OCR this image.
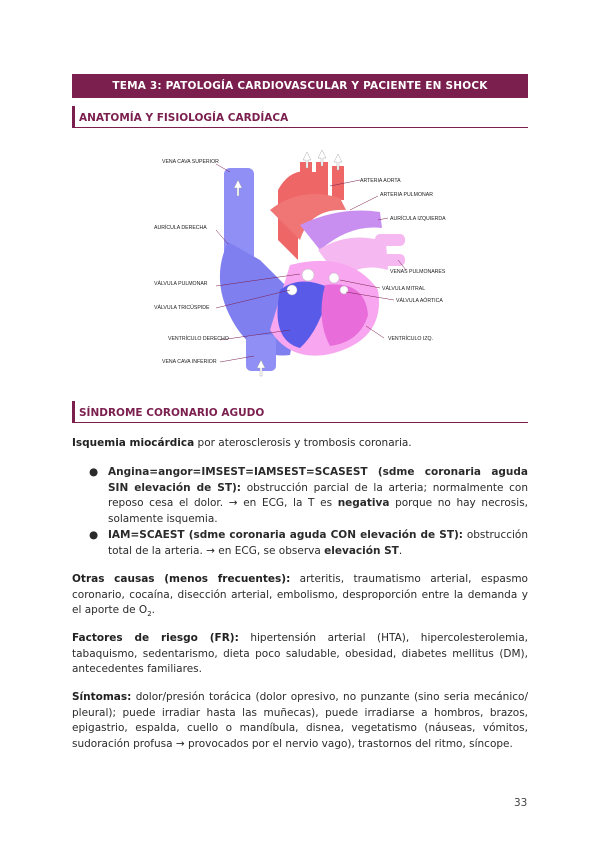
TEMA 3: PATOLOGÍA CARDIOVASCULAR Y PACIENTE EN SHOCK
ANATOMÍA Y FISIOLOGÍA CARDÍACA
VENA CAVA SUPERIOR
AURÍCULA DERECHA
VÁLVULA PULMONAR
VÁLVULA TRICÚSPIDE
VENTRÍCULO DERECHO
VENA CAVA INFERIOR
ARTERIA AORTA
ARTERIA PULMONAR
AURÍCULA IZQUIERDA
VENAS PULMONARES
VÁLVULA MITRAL
VÁLVULA AÓRTICA
VENTRÍCULO IZQ.
SÍNDROME CORONARIO AGUDO
Isquemia miocárdica por aterosclerosis y trombosis coronaria.
● Angina=angor=IMSEST=IAMSEST=SCASEST (sdme coronaria aguda SIN elevación de ST): obstrucción parcial de la arteria; normalmente con reposo cesa el dolor. → en ECG, la T es negativa porque no hay necrosis, solamente isquemia.
● IAM=SCAEST (sdme coronaria aguda CON elevación de ST): obstrucción total de la arteria. → en ECG, se observa elevación ST.
Otras causas (menos frecuentes): arteritis, traumatismo arterial, espasmo coronario, cocaína, disección arterial, embolismo, desproporción entre la demanda y el aporte de $O_2$.
Factores de riesgo (FR): hipertensión arterial (HTA), hipercolesterolemia, tabaquismo, sedentarismo, dieta poco saludable, obesidad, diabetes mellitus (DM), antecedentes familiares.
Síntomas: dolor/presión torácica (dolor opresivo, no punzante (sino seria mecánico/ pleural); puede irradiar hasta las muñecas), puede irradiarse a hombros, brazos, epigastrio, espalda, cuello o mandíbula, disnea, vegetatismo (náuseas, vómitos, sudoración profusa → provocados por el nervio vago), trastornos del ritmo, síncope.
33
